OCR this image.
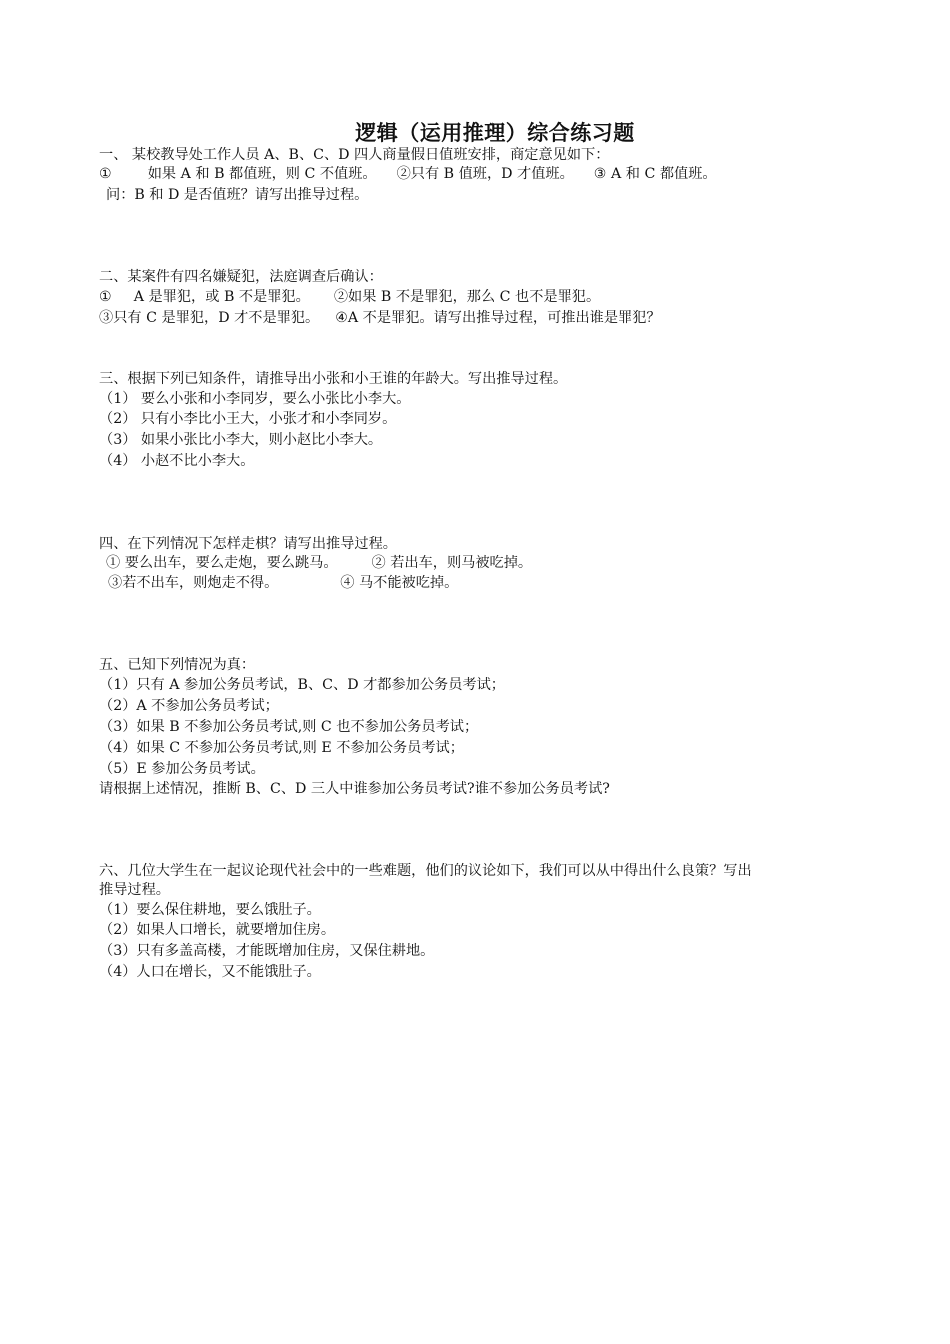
逻辑（运用推理）综合练习题
一、 某校教导处工作人员 A、B、C、D 四人商量假日值班安排，商定意见如下：
①	如果 A 和 B 都值班，则 C 不值班。 ②只有 B 值班，D 才值班。 ③ A 和 C 都值班。
问：B 和 D 是否值班？请写出推导过程。
二、某案件有四名嫌疑犯，法庭调查后确认：
① A 是罪犯，或 B 不是罪犯。 ②如果 B 不是罪犯，那么 C 也不是罪犯。
③只有 C 是罪犯，D 才不是罪犯。 ④A 不是罪犯。请写出推导过程，可推出谁是罪犯？
三、根据下列已知条件，请推导出小张和小王谁的年龄大。写出推导过程。
（1） 要么小张和小李同岁，要么小张比小李大。
（2） 只有小李比小王大，小张才和小李同岁。
（3） 如果小张比小李大，则小赵比小李大。
（4） 小赵不比小李大。
四、在下列情况下怎样走棋？请写出推导过程。
① 要么出车，要么走炮，要么跳马。 ② 若出车，则马被吃掉。
③若不出车，则炮走不得。	④ 马不能被吃掉。
五、已知下列情况为真：
（1）只有 A 参加公务员考试，B、C、D 才都参加公务员考试；
（2）A 不参加公务员考试；
（3）如果 B 不参加公务员考试,则 C 也不参加公务员考试；
（4）如果 C 不参加公务员考试,则 E 不参加公务员考试；
（5）E 参加公务员考试。
请根据上述情况，推断 B、C、D 三人中谁参加公务员考试?谁不参加公务员考试?
六、几位大学生在一起议论现代社会中的一些难题，他们的议论如下，我们可以从中得出什么良策？写出
推导过程。
（1）要么保住耕地，要么饿肚子。
（2）如果人口增长，就要增加住房。
（3）只有多盖高楼，才能既增加住房，又保住耕地。
（4）人口在增长，又不能饿肚子。
